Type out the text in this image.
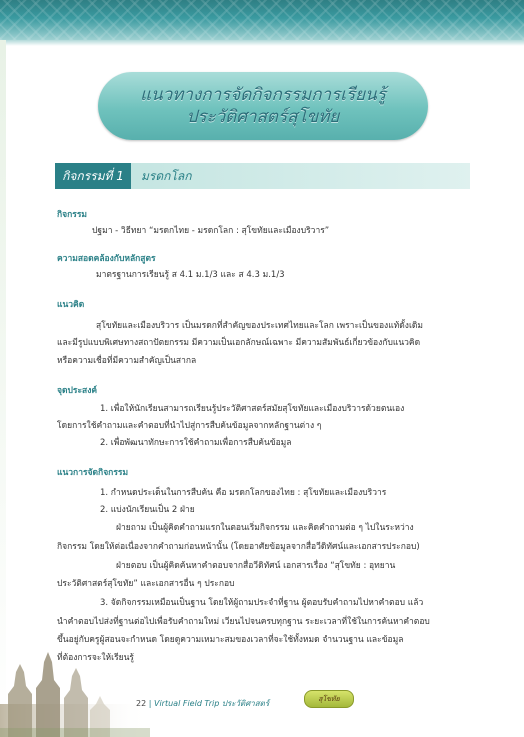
แนวทางการจัดกิจกรรมการเรียนรู้
ประวัติศาสตร์สุโขทัย
กิจกรรมที่ 1	มรดกโลก
กิจกรรม
ปฐมา - วิธีทยา “มรดกไทย - มรดกโลก : สุโขทัยและเมืองบริวาร”
ความสอดคล้องกับหลักสูตร
มาตรฐานการเรียนรู้ ส 4.1 ม.1/3 และ ส 4.3 ม.1/3
แนวคิด
สุโขทัยและเมืองบริวาร เป็นมรดกที่สำคัญของประเทศไทยและโลก เพราะเป็นของแท้ดั้งเดิม
และมีรูปแบบพิเศษทางสถาปัตยกรรม มีความเป็นเอกลักษณ์เฉพาะ มีความสัมพันธ์เกี่ยวข้องกับแนวคิด
หรือความเชื่อที่มีความสำคัญเป็นสากล
จุดประสงค์
1. เพื่อให้นักเรียนสามารถเรียนรู้ประวัติศาสตร์สมัยสุโขทัยและเมืองบริวารด้วยตนเอง
โดยการใช้คำถามและคำตอบที่นำไปสู่การสืบค้นข้อมูลจากหลักฐานต่าง ๆ
2. เพื่อพัฒนาทักษะการใช้คำถามเพื่อการสืบค้นข้อมูล
แนวการจัดกิจกรรม
1. กำหนดประเด็นในการสืบค้น คือ มรดกโลกของไทย : สุโขทัยและเมืองบริวาร
2. แบ่งนักเรียนเป็น 2 ฝ่าย
ฝ่ายถาม เป็นผู้คิดคำถามแรกในตอนเริ่มกิจกรรม และคิดคำถามต่อ ๆ ไปในระหว่าง
กิจกรรม โดยให้ต่อเนื่องจากคำถามก่อนหน้านั้น (โดยอาศัยข้อมูลจากสื่อวีดิทัศน์และเอกสารประกอบ)
ฝ่ายตอบ เป็นผู้คิดค้นหาคำตอบจากสื่อวีดิทัศน์ เอกสารเรื่อง “สุโขทัย : อุทยาน
ประวัติศาสตร์สุโขทัย” และเอกสารอื่น ๆ ประกอบ
3. จัดกิจกรรมเหมือนเป็นฐาน โดยให้ผู้ถามประจำที่ฐาน ผู้ตอบรับคำถามไปหาคำตอบ แล้ว
นำคำตอบไปส่งที่ฐานต่อไปเพื่อรับคำถามใหม่ เวียนไปจนครบทุกฐาน ระยะเวลาที่ใช้ในการค้นหาคำตอบ
ขึ้นอยู่กับครูผู้สอนจะกำหนด โดยดูความเหมาะสมของเวลาที่จะใช้ทั้งหมด จำนวนฐาน และข้อมูล
ที่ต้องการจะให้เรียนรู้
22 | Virtual Field Trip ประวัติศาสตร์
สุโขทัย
